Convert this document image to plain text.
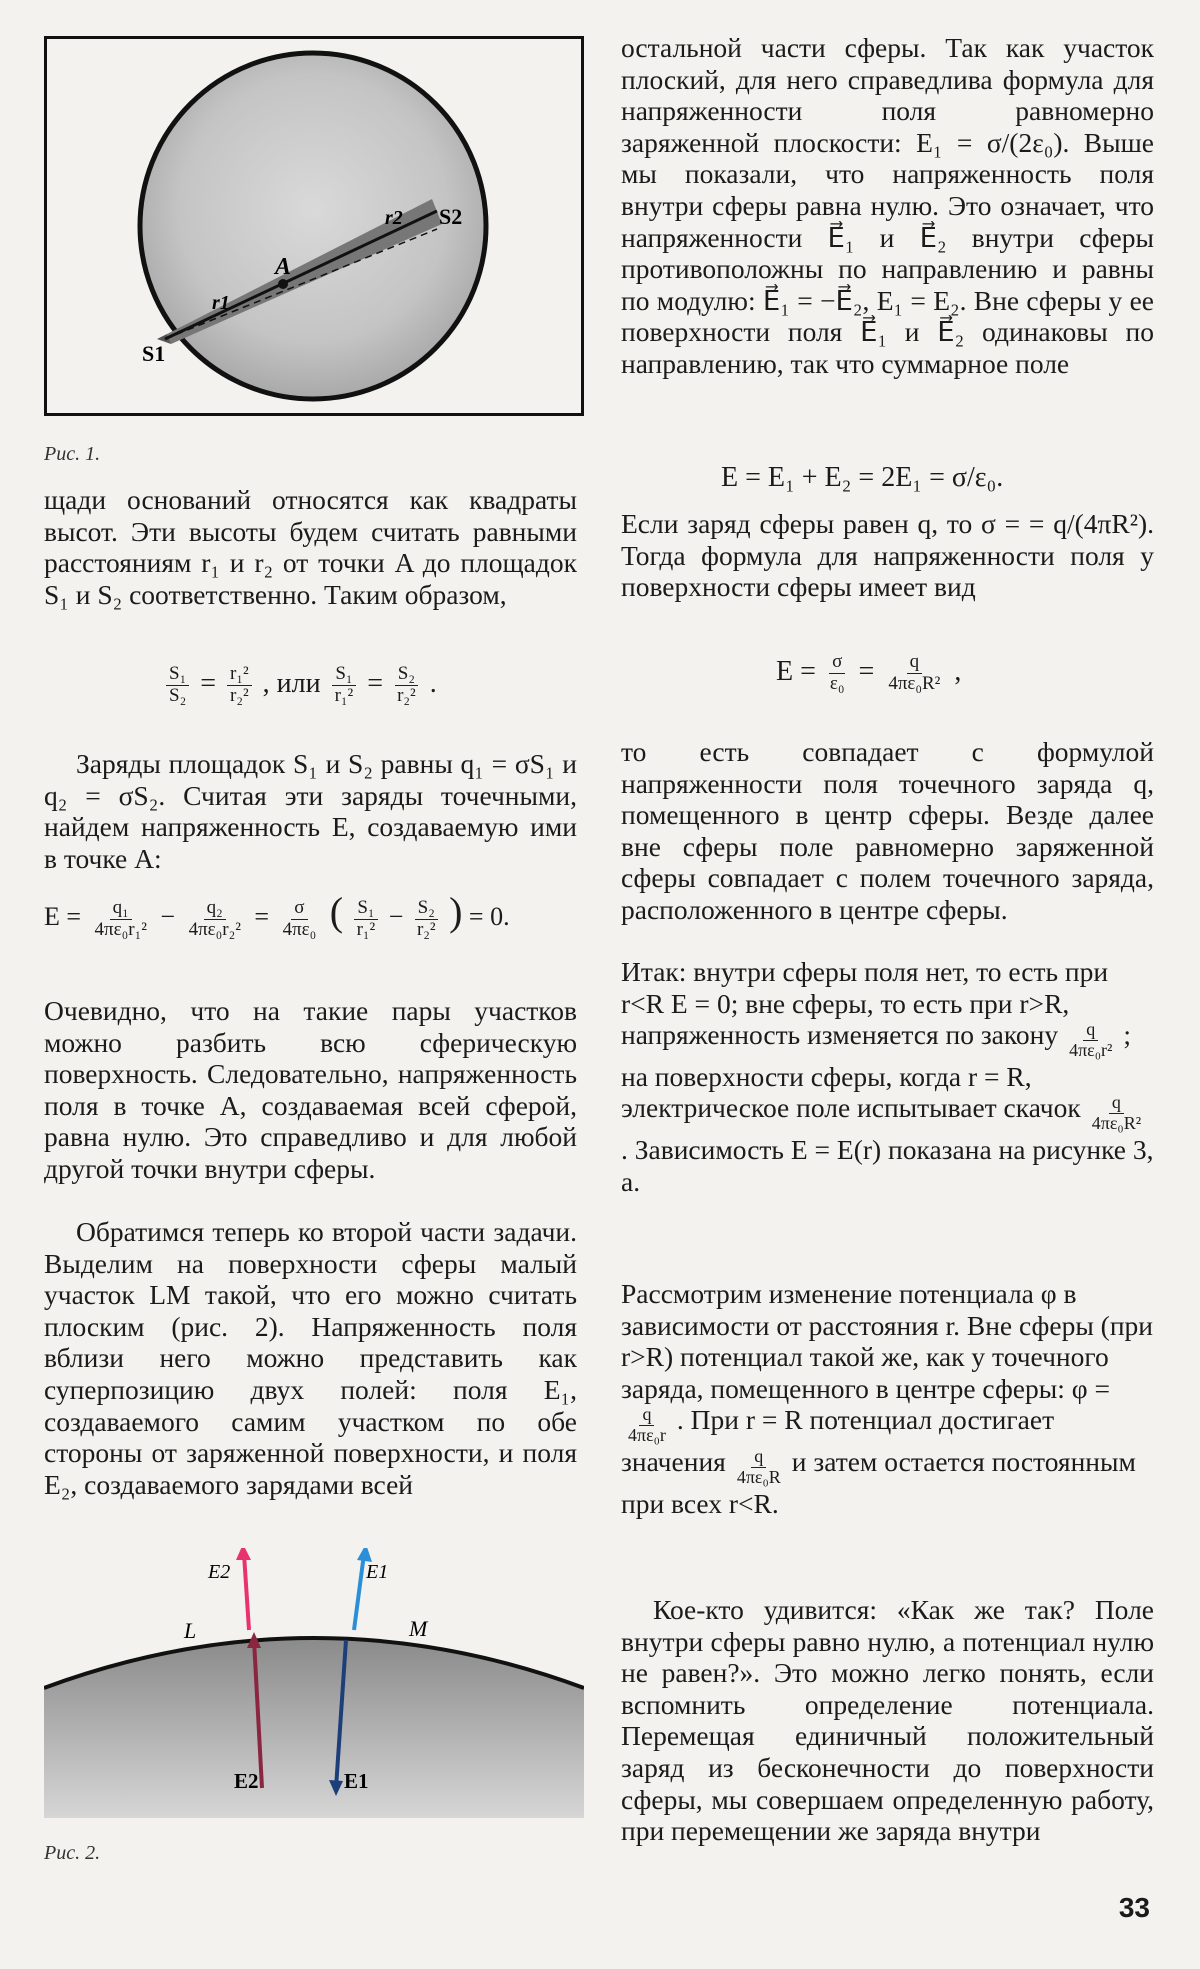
A
S1
S2
r1
r2
Рис. 1.

щади оснований относятся как квадраты высот. Эти высоты будем считать равными расстояниям r₁ и r₂ от точки A до площадок S₁ и S₂ соответственно. Таким образом,

$\frac{\text{S₁}}{\text{S₂}} = \frac{\text{r₁²}}{\text{r₂²}}$ , или $\frac{\text{S₁}}{\text{r₁²}} = \frac{\text{S₂}}{\text{r₂²}}$ .

Заряды площадок S₁ и S₂ равны q₁ = σS₁ и q₂ = σS₂. Считая эти заряды точечными, найдем напряженность E, создаваемую ими в точке A:

$E = \frac{\text{q₁}}{\text{4πε₀r₁²}} - \frac{\text{q₂}}{\text{4πε₀r₂²}} = \frac{\sigma}{\text{4πε₀}}$ ( $\frac{\text{S₁}}{\text{r₁²}} - \frac{\text{S₂}}{\text{r₂²}}$ ) = 0.

Очевидно, что на такие пары участков можно разбить всю сферическую поверхность. Следовательно, напряженность поля в точке A, создаваемая всей сферой, равна нулю. Это справедливо и для любой другой точки внутри сферы.

Обратимся теперь ко второй части задачи. Выделим на поверхности сферы малый участок LM такой, что его можно считать плоским (рис. 2). Напряженность поля вблизи него можно представить как суперпозицию двух полей: поля E₁, создаваемого самим участком по обе стороны от заряженной поверхности, и поля E₂, создаваемого зарядами всей

E2	E1
L	M
E2	E1
Рис. 2.

остальной части сферы. Так как участок плоский, для него справедлива формула для напряженности поля равномерно заряженной плоскости: E₁ = σ/(2ε₀). Выше мы показали, что напряженность поля внутри сферы равна нулю. Это означает, что напряженности E⃗₁ и E⃗₂ внутри сферы противоположны по направлению и равны по модулю: E⃗₁ = −E⃗₂, E₁ = E₂. Вне сферы у ее поверхности поля E⃗₁ и E⃗₂ одинаковы по направлению, так что суммарное поле

E = E₁ + E₂ = 2E₁ = σ/ε₀.

Если заряд сферы равен q, то σ = = q/(4πR²). Тогда формула для напряженности поля у поверхности сферы имеет вид

$E = \frac{\sigma}{\text{ε₀}} = \frac{q}{\text{4πε₀R²}}$ ,

то есть совпадает с формулой напряженности поля точечного заряда q, помещенного в центр сферы. Везде далее вне сферы поле равномерно заряженной сферы совпадает с полем точечного заряда, расположенного в центре сферы.

Итак: внутри сферы поля нет, то есть при r<R E = 0; вне сферы, то есть при r>R, напряженность изменяется по закону

$\frac{q}{\text{4πε₀r²}}$
; на поверхности сферы, когда r = R, электрическое поле испытывает скачок

$\frac{q}{\text{4πε₀R²}}$

. Зависимость E = E(r) показана на рисунке 3, а.

Рассмотрим изменение потенциала φ в зависимости от расстояния r. Вне сферы (при r>R) потенциал такой же, как у точечного заряда, помещенного в центре сферы: φ =

$\frac{q}{\text{4πε₀r}}$
. При r = R потенциал достигает значения

$\frac{q}{\text{4πε₀R}}$
и затем остается постоянным при всех r<R.

Кое-кто удивится: «Как же так? Поле внутри сферы равно нулю, а потенциал нулю не равен?». Это можно легко понять, если вспомнить определение потенциала. Перемещая единичный положительный заряд из бесконечности до поверхности сферы, мы совершаем определенную работу, при перемещении же заряда внутри

33
